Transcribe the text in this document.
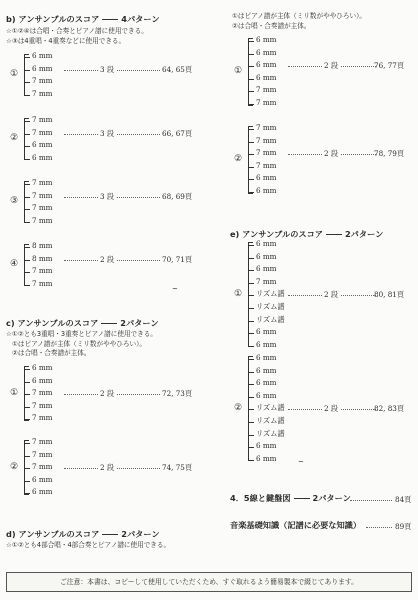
b) アンサンブルのスコア	4パターン
☆①②④は合唱・合奏とピアノ譜に使用できる。
☆③は4重唱・4重奏などに使用できる。
①
6 mm
6 mm	3 段	64, 65頁
7 mm
7 mm
②
7 mm
7 mm	3 段	66, 67頁
6 mm
6 mm
③
7 mm
7 mm	3 段	68, 69頁
7 mm
7 mm
④
8 mm
8 mm	2 段	70, 71頁
7 mm
7 mm
~
c) アンサンブルのスコア	2パターン
☆①②とも3重唱・3重奏とピアノ譜に使用できる。
①はピアノ譜が主体（ミリ数がややひろい）。
②は合唱・合奏譜が主体。
①
6 mm
6 mm
7 mm	2 段	72, 73頁
7 mm
7 mm
②
7 mm
7 mm
7 mm	2 段	74, 75頁
6 mm
6 mm
d) アンサンブルのスコア	2パターン
☆①②とも4部合唱・4部合奏とピアノ譜に使用できる。
①はピアノ譜が主体（ミリ数がややひろい）。
②は合唱・合奏譜が主体。
①
6 mm
6 mm
6 mm	2 段	76, 77頁
6 mm
7 mm
7 mm
②
7 mm
7 mm
7 mm	2 段	78, 79頁
7 mm
6 mm
6 mm
e) アンサンブルのスコア	2パターン
①
6 mm
6 mm
6 mm
7 mm
リズム譜	2 段	80, 81頁
リズム譜
リズム譜
6 mm
6 mm
②
6 mm
6 mm
6 mm
6 mm
リズム譜	2 段	82, 83頁
リズム譜
リズム譜
6 mm
6 mm	~
4．5線と鍵盤図	2パターン	84頁
音楽基礎知識（記譜に必要な知識）	89頁
ご注意：本書は、コピーして使用していただくため、すぐ取れるよう簡易製本で綴じてあります。
